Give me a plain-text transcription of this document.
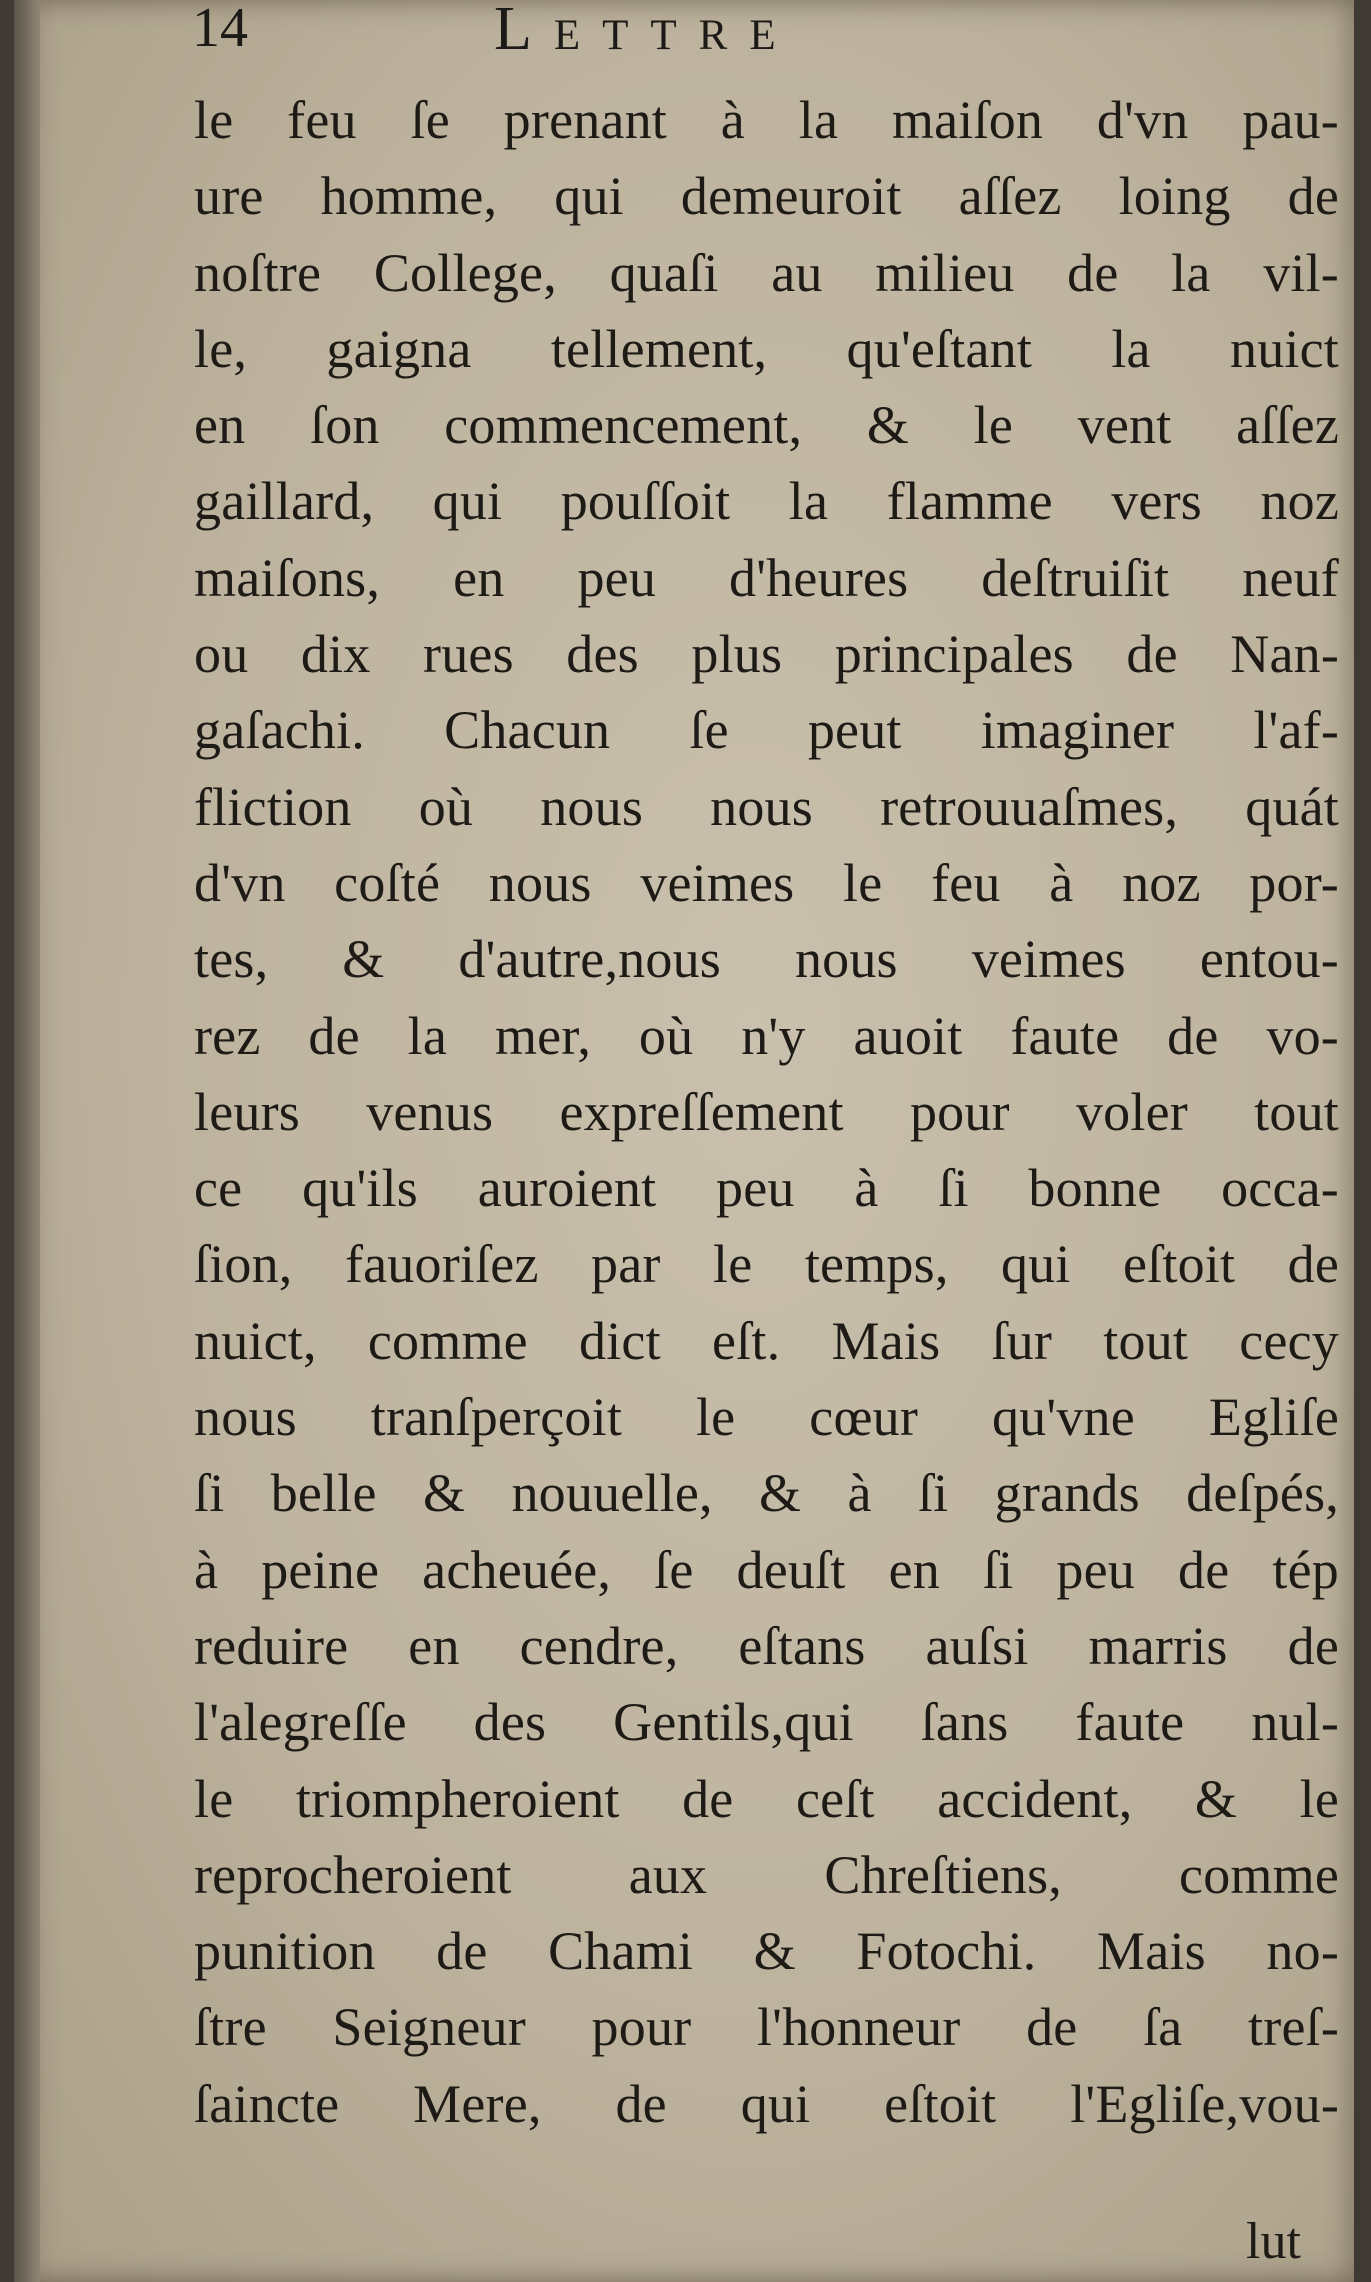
14	Lettre
le feu ſe prenant à la maiſon d'vn pau-
ure homme, qui demeuroit aſſez loing de
noſtre College, quaſi au milieu de la vil-
le, gaigna tellement, qu'eſtant la nuict
en ſon commencement, & le vent aſſez
gaillard, qui pouſſoit la flamme vers noz
maiſons, en peu d'heures deſtruiſit neuf
ou dix rues des plus principales de Nan-
gaſachi. Chacun ſe peut imaginer l'af-
fliction où nous nous retrouuaſmes, quát
d'vn coſté nous veimes le feu à noz por-
tes, & d'autre,nous nous veimes entou-
rez de la mer, où n'y auoit faute de vo-
leurs venus expreſſement pour voler tout
ce qu'ils auroient peu à ſi bonne occa-
ſion, fauoriſez par le temps, qui eſtoit de
nuict, comme dict eſt. Mais ſur tout cecy
nous tranſperçoit le cœur qu'vne Egliſe
ſi belle & nouuelle, & à ſi grands deſpés,
à peine acheuée, ſe deuſt en ſi peu de tép
reduire en cendre, eſtans auſsi marris de
l'alegreſſe des Gentils,qui ſans faute nul-
le triompheroient de ceſt accident, & le
reprocheroient aux Chreſtiens, comme
punition de Chami & Fotochi. Mais no-
ſtre Seigneur pour l'honneur de ſa treſ-
ſaincte Mere, de qui eſtoit l'Egliſe,vou-
lut
